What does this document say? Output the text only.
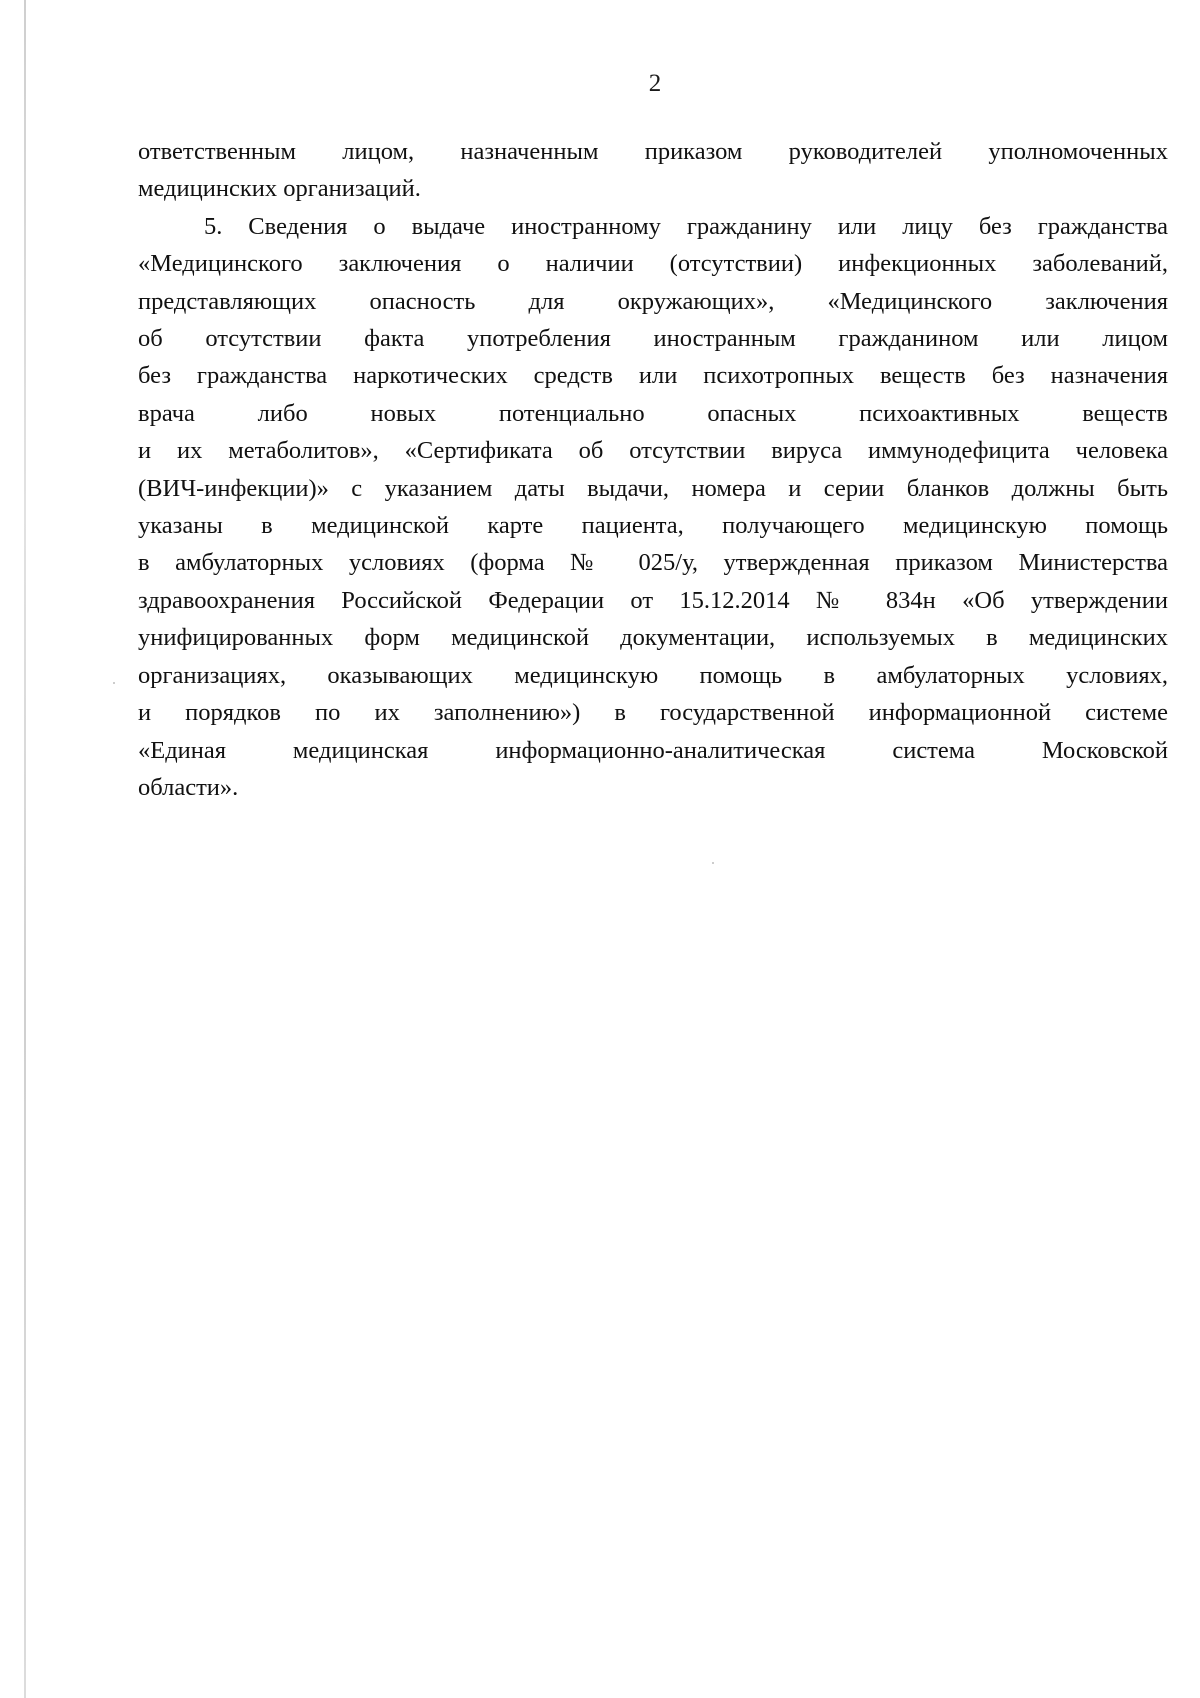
2

ответственным лицом, назначенным приказом руководителей уполномоченных

медицинских организаций.

5. Сведения о выдаче иностранному гражданину или лицу без гражданства

«Медицинского заключения о наличии (отсутствии) инфекционных заболеваний,

представляющих опасность для окружающих», «Медицинского заключения

об отсутствии факта употребления иностранным гражданином или лицом

без гражданства наркотических средств или психотропных веществ без назначения

врача либо новых потенциально опасных психоактивных веществ

и их метаболитов», «Сертификата об отсутствии вируса иммунодефицита человека

(ВИЧ-инфекции)» с указанием даты выдачи, номера и серии бланков должны быть

указаны в медицинской карте пациента, получающего медицинскую помощь

в амбулаторных условиях (форма № 025/у, утвержденная приказом Министерства

здравоохранения Российской Федерации от 15.12.2014 № 834н «Об утверждении

унифицированных форм медицинской документации, используемых в медицинских

организациях, оказывающих медицинскую помощь в амбулаторных условиях,

и порядков по их заполнению») в государственной информационной системе

«Единая медицинская информационно-аналитическая система Московской

области».
